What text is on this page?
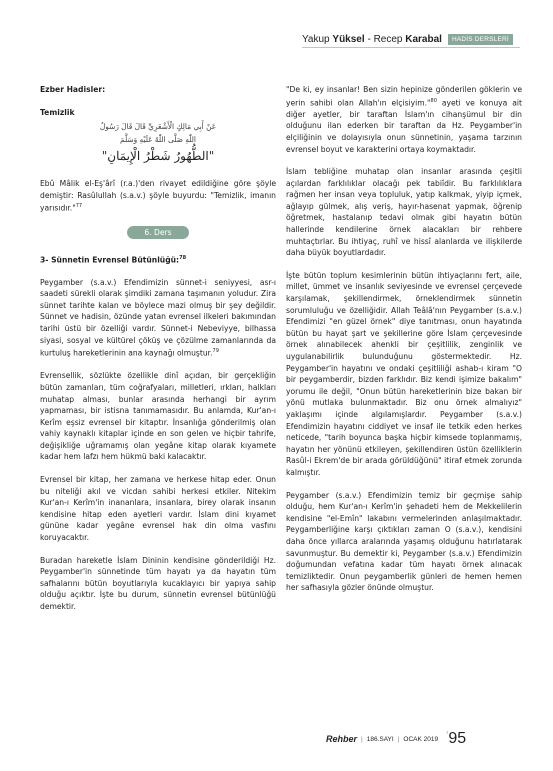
Yakup Yüksel - Recep Karabal	HADİS DERSLERİ

Ezber Hadisler:

Temizlik

عَنْ أَبِي مَالِكٍ الْأَشْعَرِيِّ قَالَ قَالَ رَسُولُ
اللّٰهِ صَلَّى اللّٰهُ عَلَيْهِ وَسَلَّمَ
"الطُّهُورُ شَطْرُ الْإِيمَانِ"

Ebû Mâlik el-Eş'ârî (r.a.)'den rivayet edildiğine göre şöyle demiştir: Rasûlullah (s.a.v.) şöyle buyurdu: "Temizlik, imanın yarısıdır."$^{77}$

6. Ders

3- Sünnetin Evrensel Bütünlüğü:$^{78}$

Peygamber (s.a.v.) Efendimizin sünnet-i seniyyesi, asr-ı saadeti sürekli olarak şimdiki zamana taşımanın yoludur. Zira sünnet tarihte kalan ve böylece mazi olmuş bir şey değildir. Sünnet ve hadisin, özünde yatan evrensel ilkeleri bakımından tarihi üstü bir özelliği vardır. Sünnet-i Nebeviyye, bilhassa siyasi, sosyal ve kültürel çöküş ve çözülme zamanlarında da kurtuluş hareketlerinin ana kaynağı olmuştur.$^{79}$

Evrensellik, sözlükte özellikle dinî açıdan, bir gerçekliğin bütün zamanları, tüm coğrafyaları, milletleri, ırkları, halkları muhatap alması, bunlar arasında herhangi bir ayrım yapmaması, bir istisna tanımamasıdır. Bu anlamda, Kur'an-ı Kerîm eşsiz evrensel bir kitaptır. İnsanlığa gönderilmiş olan vahiy kaynaklı kitaplar içinde en son gelen ve hiçbir tahrife, değişikliğe uğramamış olan yegâne kitap olarak kıyamete kadar hem lafzı hem hükmü baki kalacaktır.

Evrensel bir kitap, her zamana ve herkese hitap eder. Onun bu niteliği akıl ve vicdan sahibi herkesi etkiler. Nitekim Kur'an-ı Kerîm'in inananlara, insanlara, birey olarak insanın kendisine hitap eden ayetleri vardır. İslam dini kıyamet gününe kadar yegâne evrensel hak din olma vasfını koruyacaktır.

Buradan hareketle İslam Dininin kendisine gönderildiği Hz. Peygamber'in sünnetinde tüm hayatı ya da hayatın tüm safhalarını bütün boyutlarıyla kucaklayıcı bir yapıya sahip olduğu açıktır. İşte bu durum, sünnetin evrensel bütünlüğü demektir.

"De ki, ey insanlar! Ben sizin hepinize gönderilen göklerin ve yerin sahibi olan Allah'ın elçisiyim."$^{80}$ ayeti ve konuya ait diğer ayetler, bir taraftan İslam'ın cihanşümul bir din olduğunu ilan ederken bir taraftan da Hz. Peygamber'in elçiliğinin ve dolayısıyla onun sünnetinin, yaşama tarzının evrensel boyut ve karakterini ortaya koymaktadır.

İslam tebliğine muhatap olan insanlar arasında çeşitli açılardan farklılıklar olacağı pek tabiîdir. Bu farklılıklara rağmen her insan veya topluluk, yatıp kalkmak, yiyip içmek, ağlayıp gülmek, alış veriş, hayır-hasenat yapmak, öğrenip öğretmek, hastalanıp tedavi olmak gibi hayatın bütün hallerinde kendilerine örnek alacakları bir rehbere muhtaçtırlar. Bu ihtiyaç, ruhî ve hissî alanlarda ve ilişkilerde daha büyük boyutlardadır.

İşte bütün toplum kesimlerinin bütün ihtiyaçlarını fert, aile, millet, ümmet ve insanlık seviyesinde ve evrensel çerçevede karşılamak, şekillendirmek, örneklendirmek sünnetin sorumluluğu ve özelliğidir. Allah Teâlâ'nın Peygamber (s.a.v.) Efendimizi "en güzel örnek" diye tanıtması, onun hayatında bütün bu hayat şart ve şekillerine göre İslam çerçevesinde örnek alınabilecek ahenkli bir çeşitlilik, zenginlik ve uygulanabilirlik bulunduğunu göstermektedir. Hz. Peygamber'in hayatını ve ondaki çeşitliliği ashab-ı kiram "O bir peygamberdir, bizden farklıdır. Biz kendi işimize bakalım" yorumu ile değil, "Onun bütün hareketlerinin bize bakan bir yönü mutlaka bulunmaktadır. Biz onu örnek almalıyız" yaklaşımı içinde algılamışlardır. Peygamber (s.a.v.) Efendimizin hayatını ciddiyet ve insaf ile tetkik eden herkes neticede, "tarih boyunca başka hiçbir kimsede toplanmamış, hayatın her yönünü etkileyen, şekillendiren üstün özelliklerin Rasûl-i Ekrem'de bir arada görüldüğünü" itiraf etmek zorunda kalmıştır.

Peygamber (s.a.v.) Efendimizin temiz bir geçmişe sahip olduğu, hem Kur'an-ı Kerîm'in şehadeti hem de Mekkelilerin kendisine "el-Emîn" lakabını vermelerinden anlaşılmaktadır. Peygamberliğine karşı çıktıkları zaman O (s.a.v.), kendisini daha önce yıllarca aralarında yaşamış olduğunu hatırlatarak savunmuştur. Bu demektir ki, Peygamber (s.a.v.) Efendimizin doğumundan vefatına kadar tüm hayatı örnek alınacak temizliktedir. Onun peygamberlik günleri de hemen hemen her safhasıyla gözler önünde olmuştur.

Rehber | 186.SAYI | OCAK 2019 ‘95
